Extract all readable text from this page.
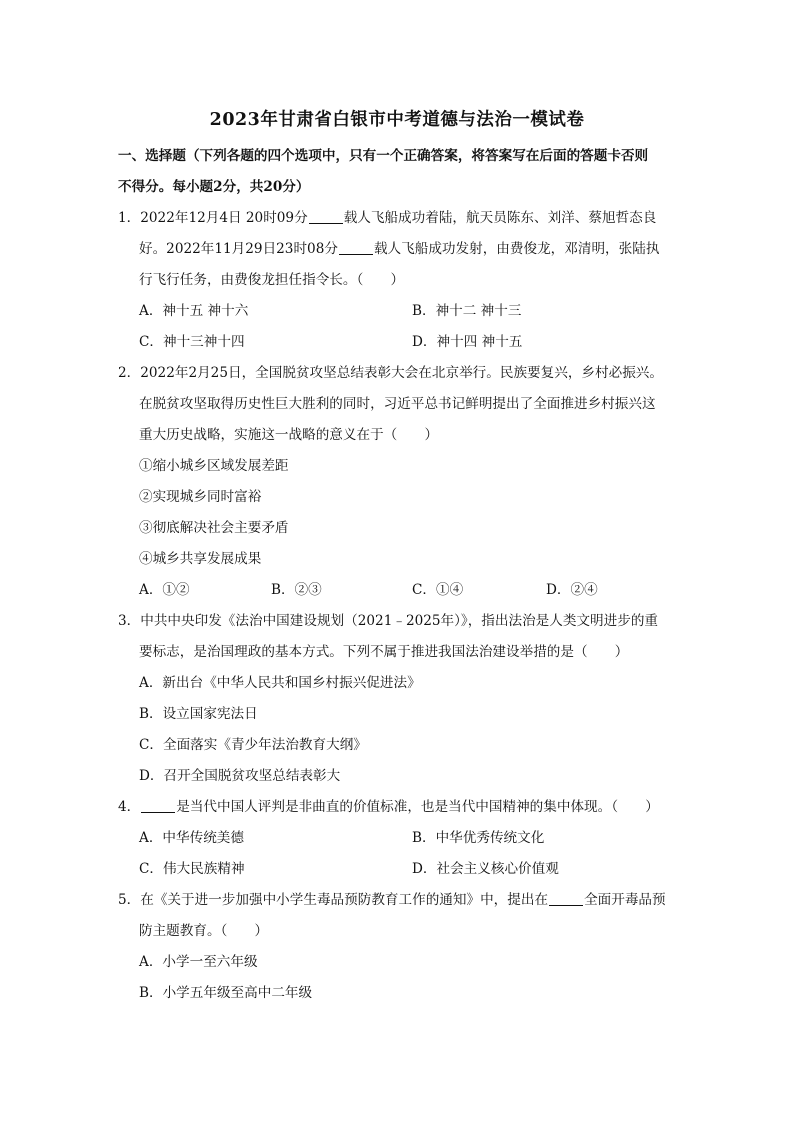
2023年甘肃省白银市中考道德与法治一模试卷
一、选择题（下列各题的四个选项中，只有一个正确答案，将答案写在后面的答题卡否则
不得分。每小题2分，共20分）
1．2022年12月4日 20时09分	载人飞船成功着陆，航天员陈东、刘洋、蔡旭哲态良
好。2022年11月29日23时08分	载人飞船成功发射，由费俊龙，邓清明，张陆执
行飞行任务，由费俊龙担任指令长。（　　）
A．神十五 神十六	B．神十二 神十三
C．神十三神十四	D．神十四 神十五
2．2022年2月25日，全国脱贫攻坚总结表彰大会在北京举行。民族要复兴，乡村必振兴。
在脱贫攻坚取得历史性巨大胜利的同时，习近平总书记鲜明提出了全面推进乡村振兴这
重大历史战略，实施这一战略的意义在于（　　）
①缩小城乡区域发展差距
②实现城乡同时富裕
③彻底解决社会主要矛盾
④城乡共享发展成果
A．①②	B．②③	C．①④	D．②④
3．中共中央印发《法治中国建设规划（2021﹣2025年）》，指出法治是人类文明进步的重
要标志，是治国理政的基本方式。下列不属于推进我国法治建设举措的是（　　）
A．新出台《中华人民共和国乡村振兴促进法》
B．设立国家宪法日
C．全面落实《青少年法治教育大纲》
D．召开全国脱贫攻坚总结表彰大
4．	是当代中国人评判是非曲直的价值标准，也是当代中国精神的集中体现。（　　）
A．中华传统美德	B．中华优秀传统文化
C．伟大民族精神	D．社会主义核心价值观
5．在《关于进一步加强中小学生毒品预防教育工作的通知》中，提出在	全面开毒品预
防主题教育。（　　）
A．小学一至六年级
B．小学五年级至高中二年级
